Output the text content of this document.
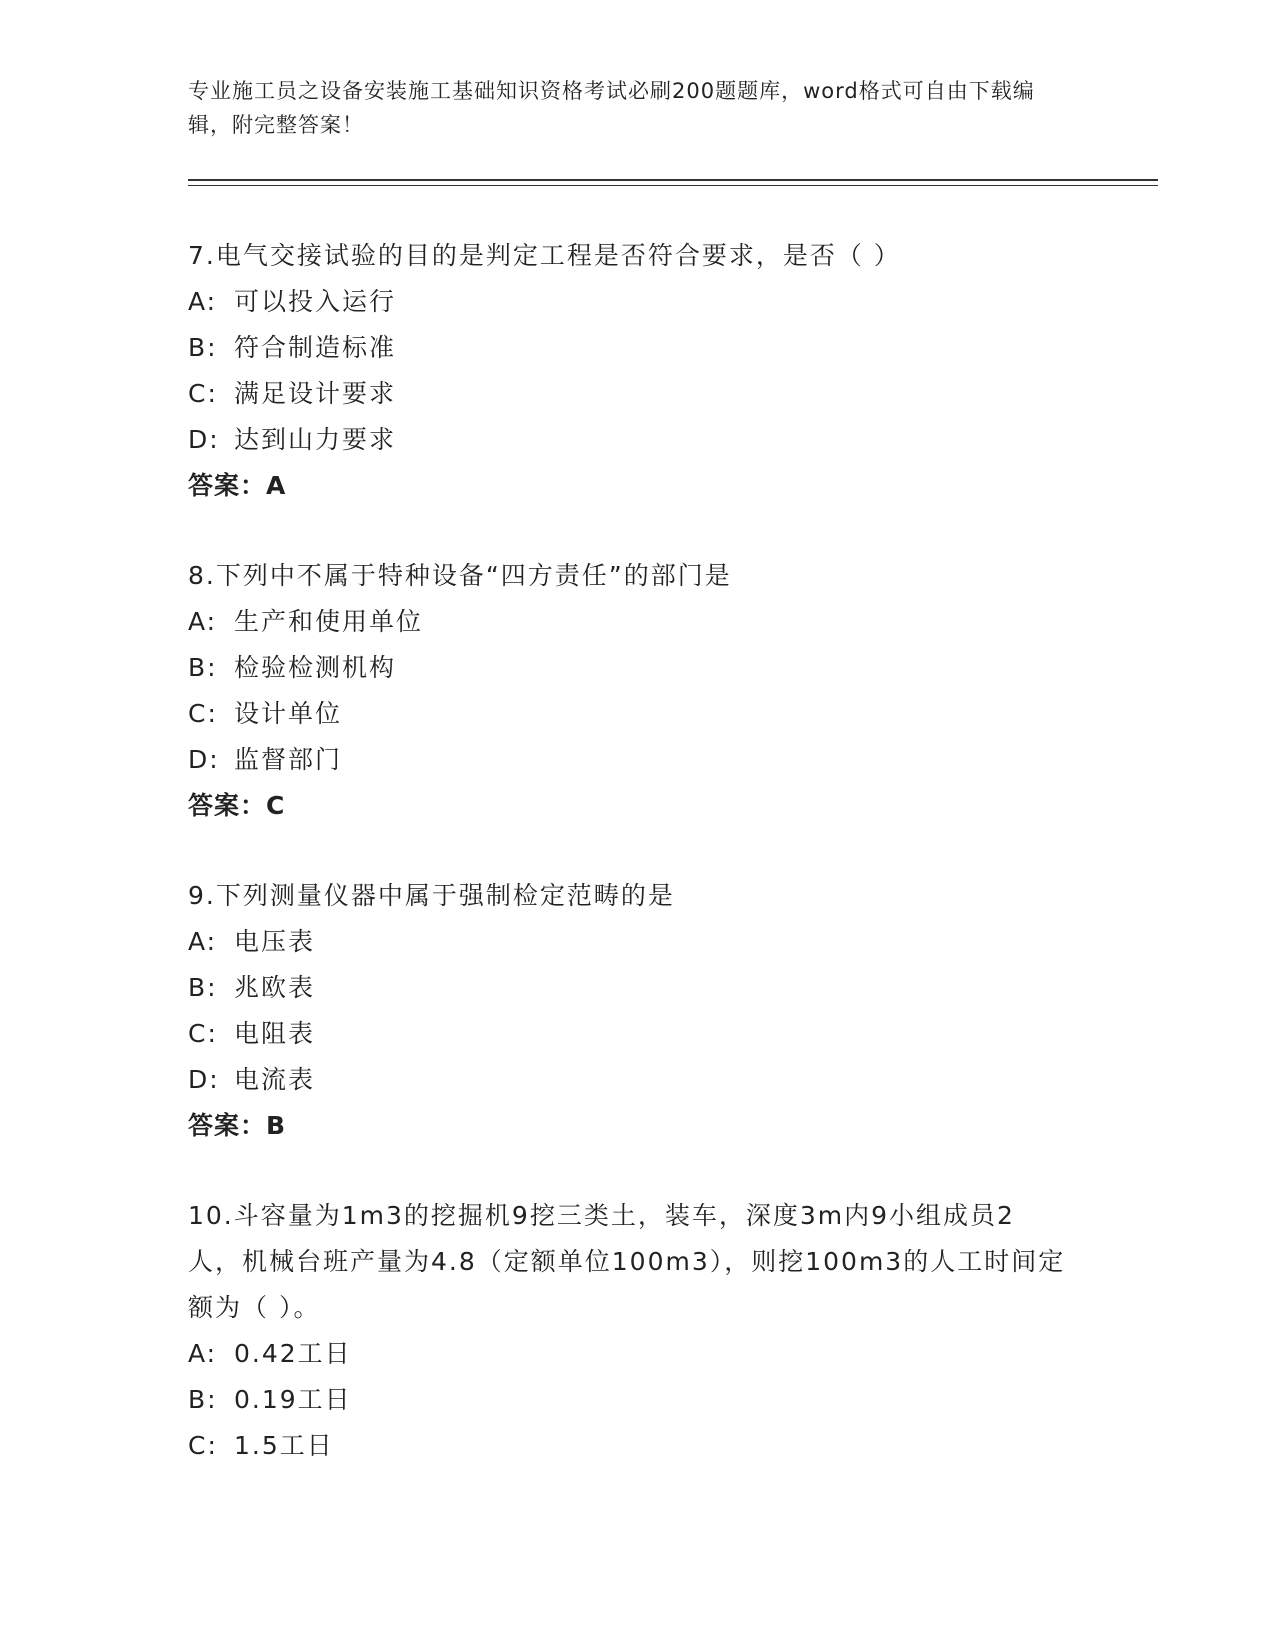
专业施工员之设备安装施工基础知识资格考试必刷200题题库，word格式可自由下载编辑，附完整答案！
7.电气交接试验的目的是判定工程是否符合要求，是否（ ）
A: 可以投入运行
B: 符合制造标准
C: 满足设计要求
D: 达到山力要求
答案：A
8.下列中不属于特种设备“四方责任”的部门是
A: 生产和使用单位
B: 检验检测机构
C: 设计单位
D: 监督部门
答案：C
9.下列测量仪器中属于强制检定范畴的是
A: 电压表
B: 兆欧表
C: 电阻表
D: 电流表
答案：B
10.斗容量为1m3的挖掘机9挖三类土，装车，深度3m内9小组成员2人，机械台班产量为4.8（定额单位100m3），则挖100m3的人工时间定额为（ ）。
A: 0.42工日
B: 0.19工日
C: 1.5工日
